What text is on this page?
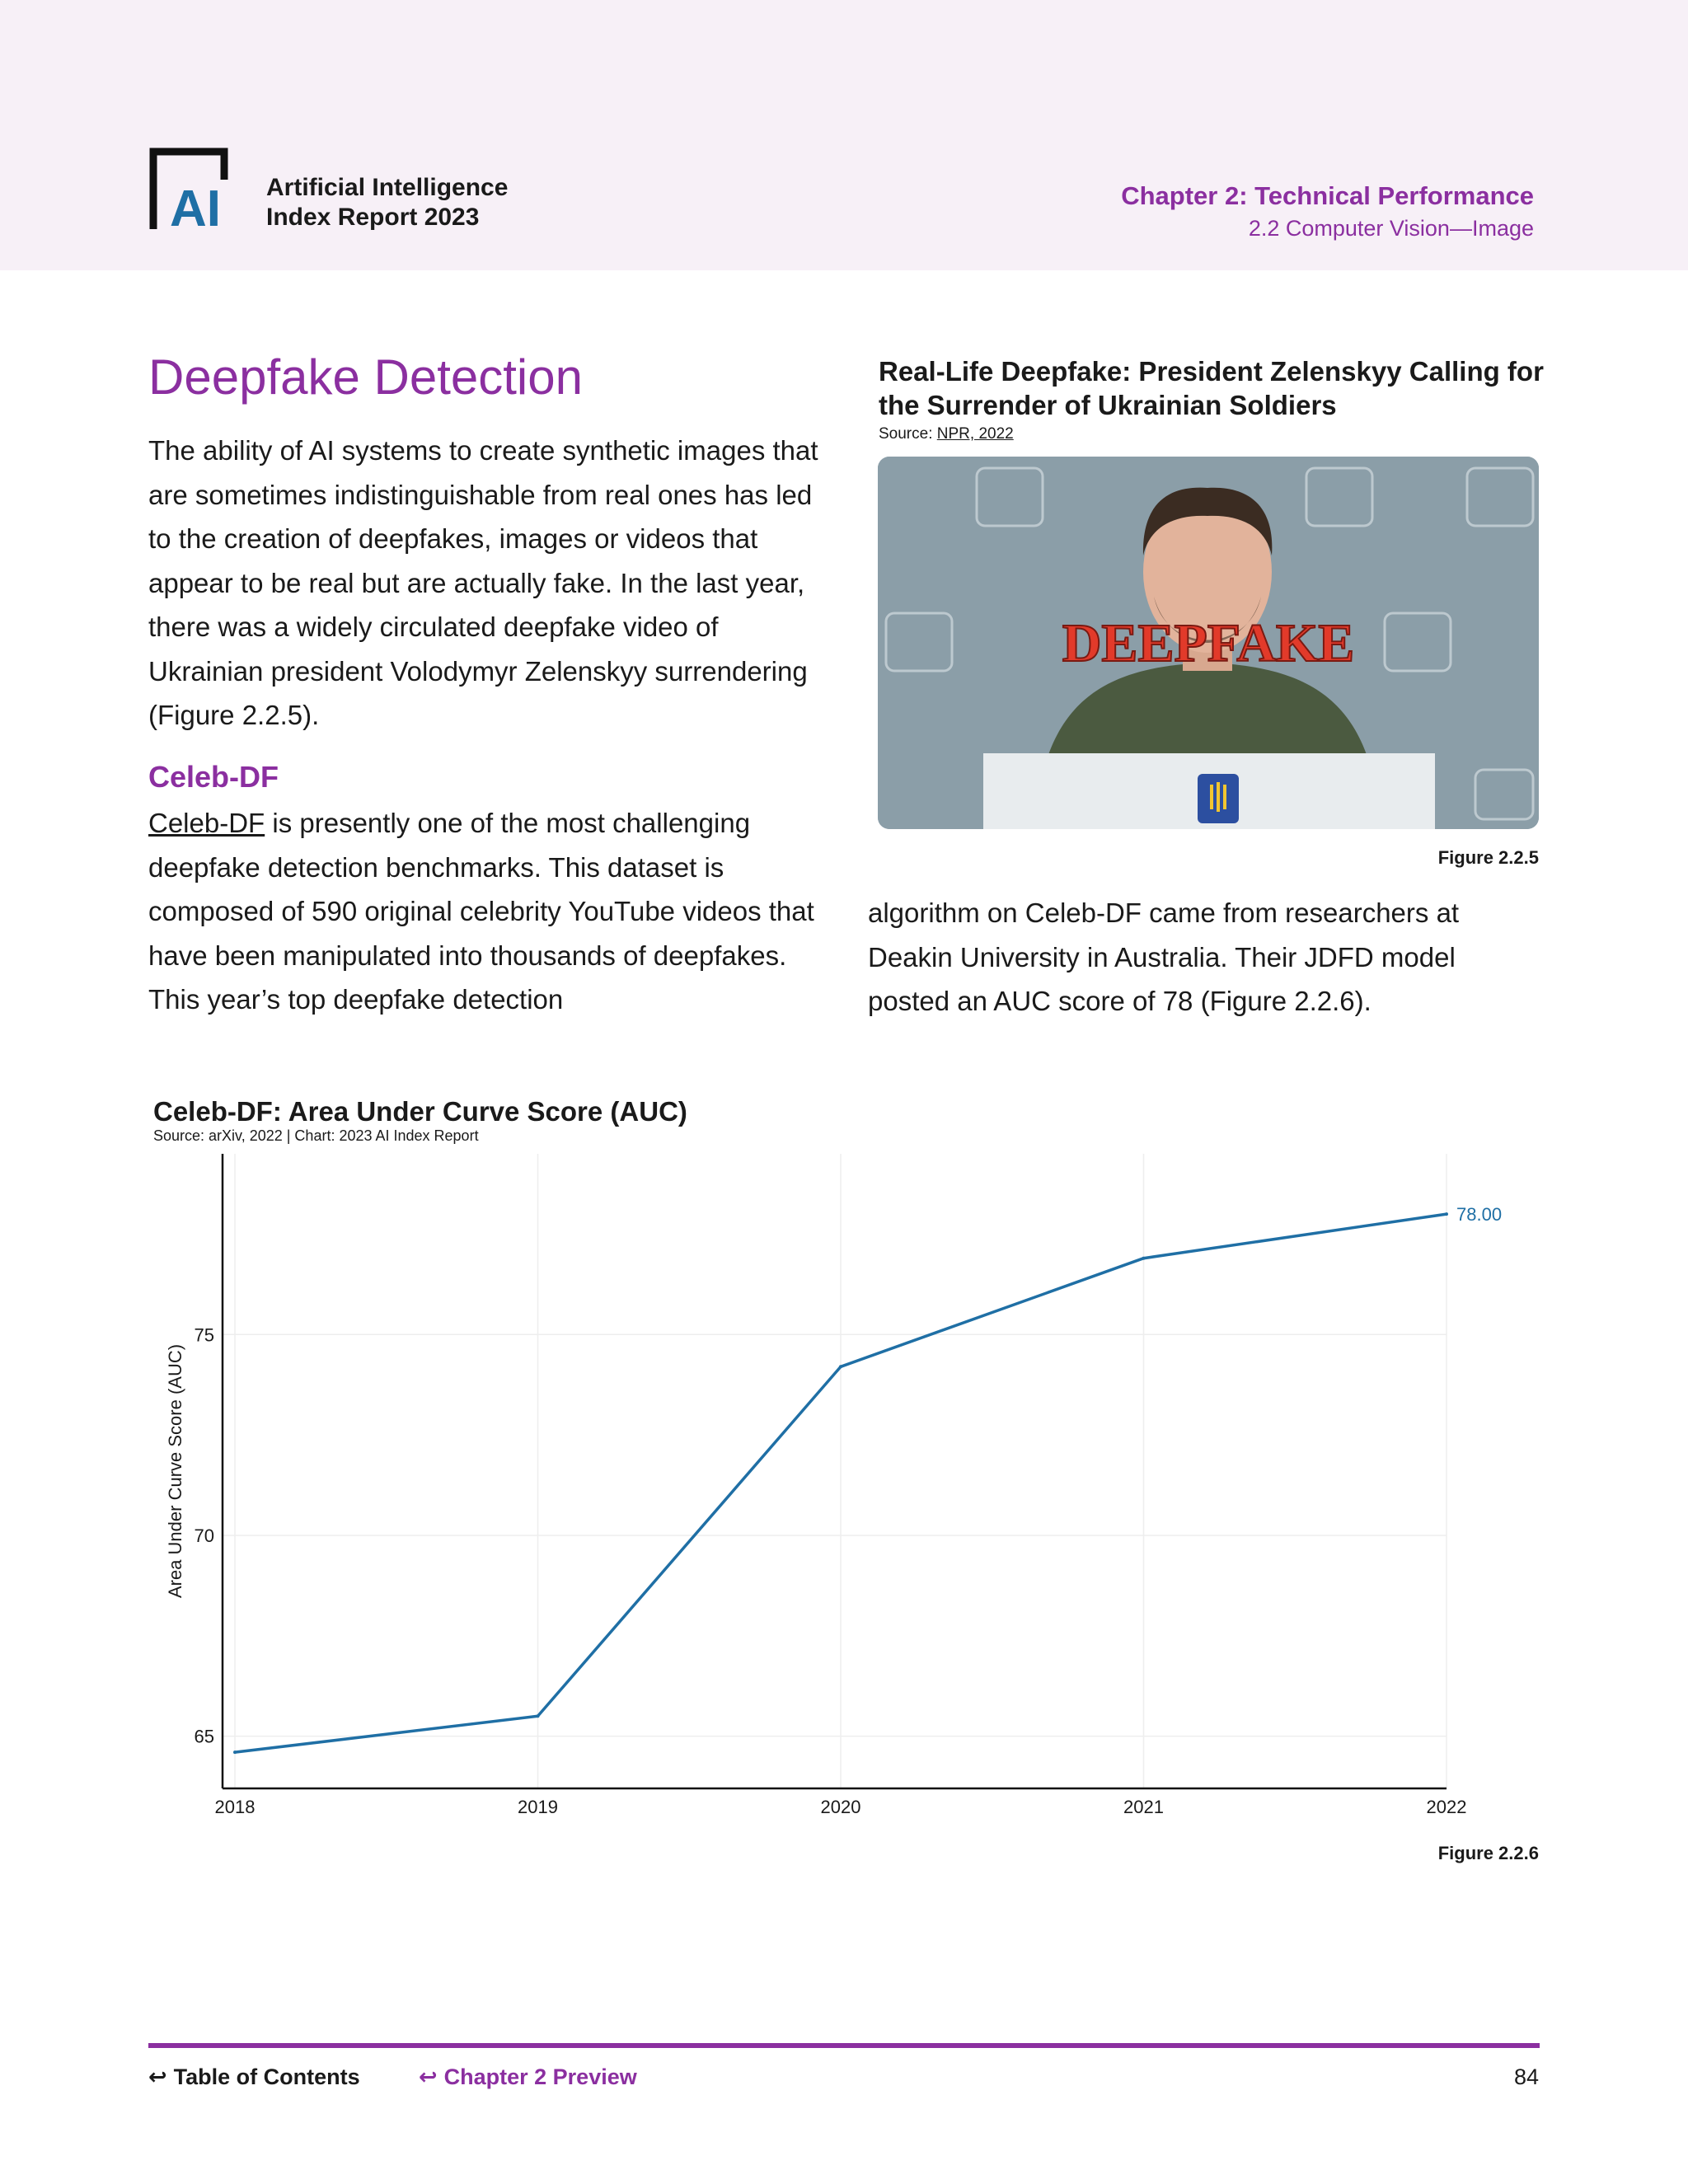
AI Artificial Intelligence
Index Report 2023
Chapter 2: Technical Performance
2.2 Computer Vision—Image
Deepfake Detection

The ability of AI systems to create synthetic images that are sometimes indistinguishable from real ones has led to the creation of deepfakes, images or videos that appear to be real but are actually fake. In the last year, there was a widely circulated deepfake video of Ukrainian president Volodymyr Zelenskyy surrendering (Figure 2.2.5).

Celeb-DF

Celeb-DF is presently one of the most challenging deepfake detection benchmarks. This dataset is composed of 590 original celebrity YouTube videos that have been manipulated into thousands of deepfakes. This year’s top deepfake detection

Real-Life Deepfake: President Zelenskyy Calling for the Surrender of Ukrainian Soldiers
Source: NPR, 2022
DEEPFAKE
Figure 2.2.5

algorithm on Celeb-DF came from researchers at Deakin University in Australia. Their JDFD model posted an AUC score of 78 (Figure 2.2.6).

Celeb-DF: Area Under Curve Score (AUC)
Source: arXiv, 2022 | Chart: 2023 AI Index Report
65
70
75
2018	2019	2020	2021	2022
Area Under Curve Score (AUC)
78.00
Figure 2.2.6
↩ Table of Contents	↩ Chapter 2 Preview	84
